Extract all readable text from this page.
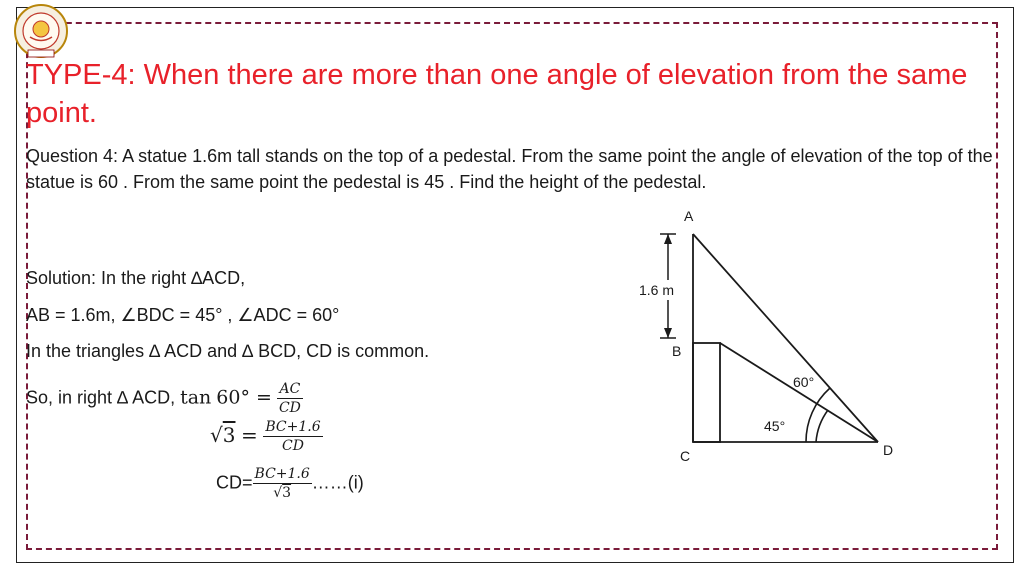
TYPE-4: When there are more than one angle of elevation from the same point.

Question 4: A statue 1.6m tall stands on the top of a pedestal. From the same point the angle of elevation of the top of the statue is 60 . From the same point the pedestal is 45 . Find the height of the pedestal.

Solution: In the right ∆ACD,
AB = 1.6m, ∠BDC = 45° , ∠ADC = 60°
In the triangles ∆ ACD and ∆ BCD, CD is common.
So, in right ∆ ACD, $\tan 60^\circ = \frac{AC}{CD}$
$√3 = \frac{BC+1.6}{CD}$
$CD= \frac{BC+1.6}{√3}$ ……(i)
A
B
C	D
1.6 m
60°
45°
